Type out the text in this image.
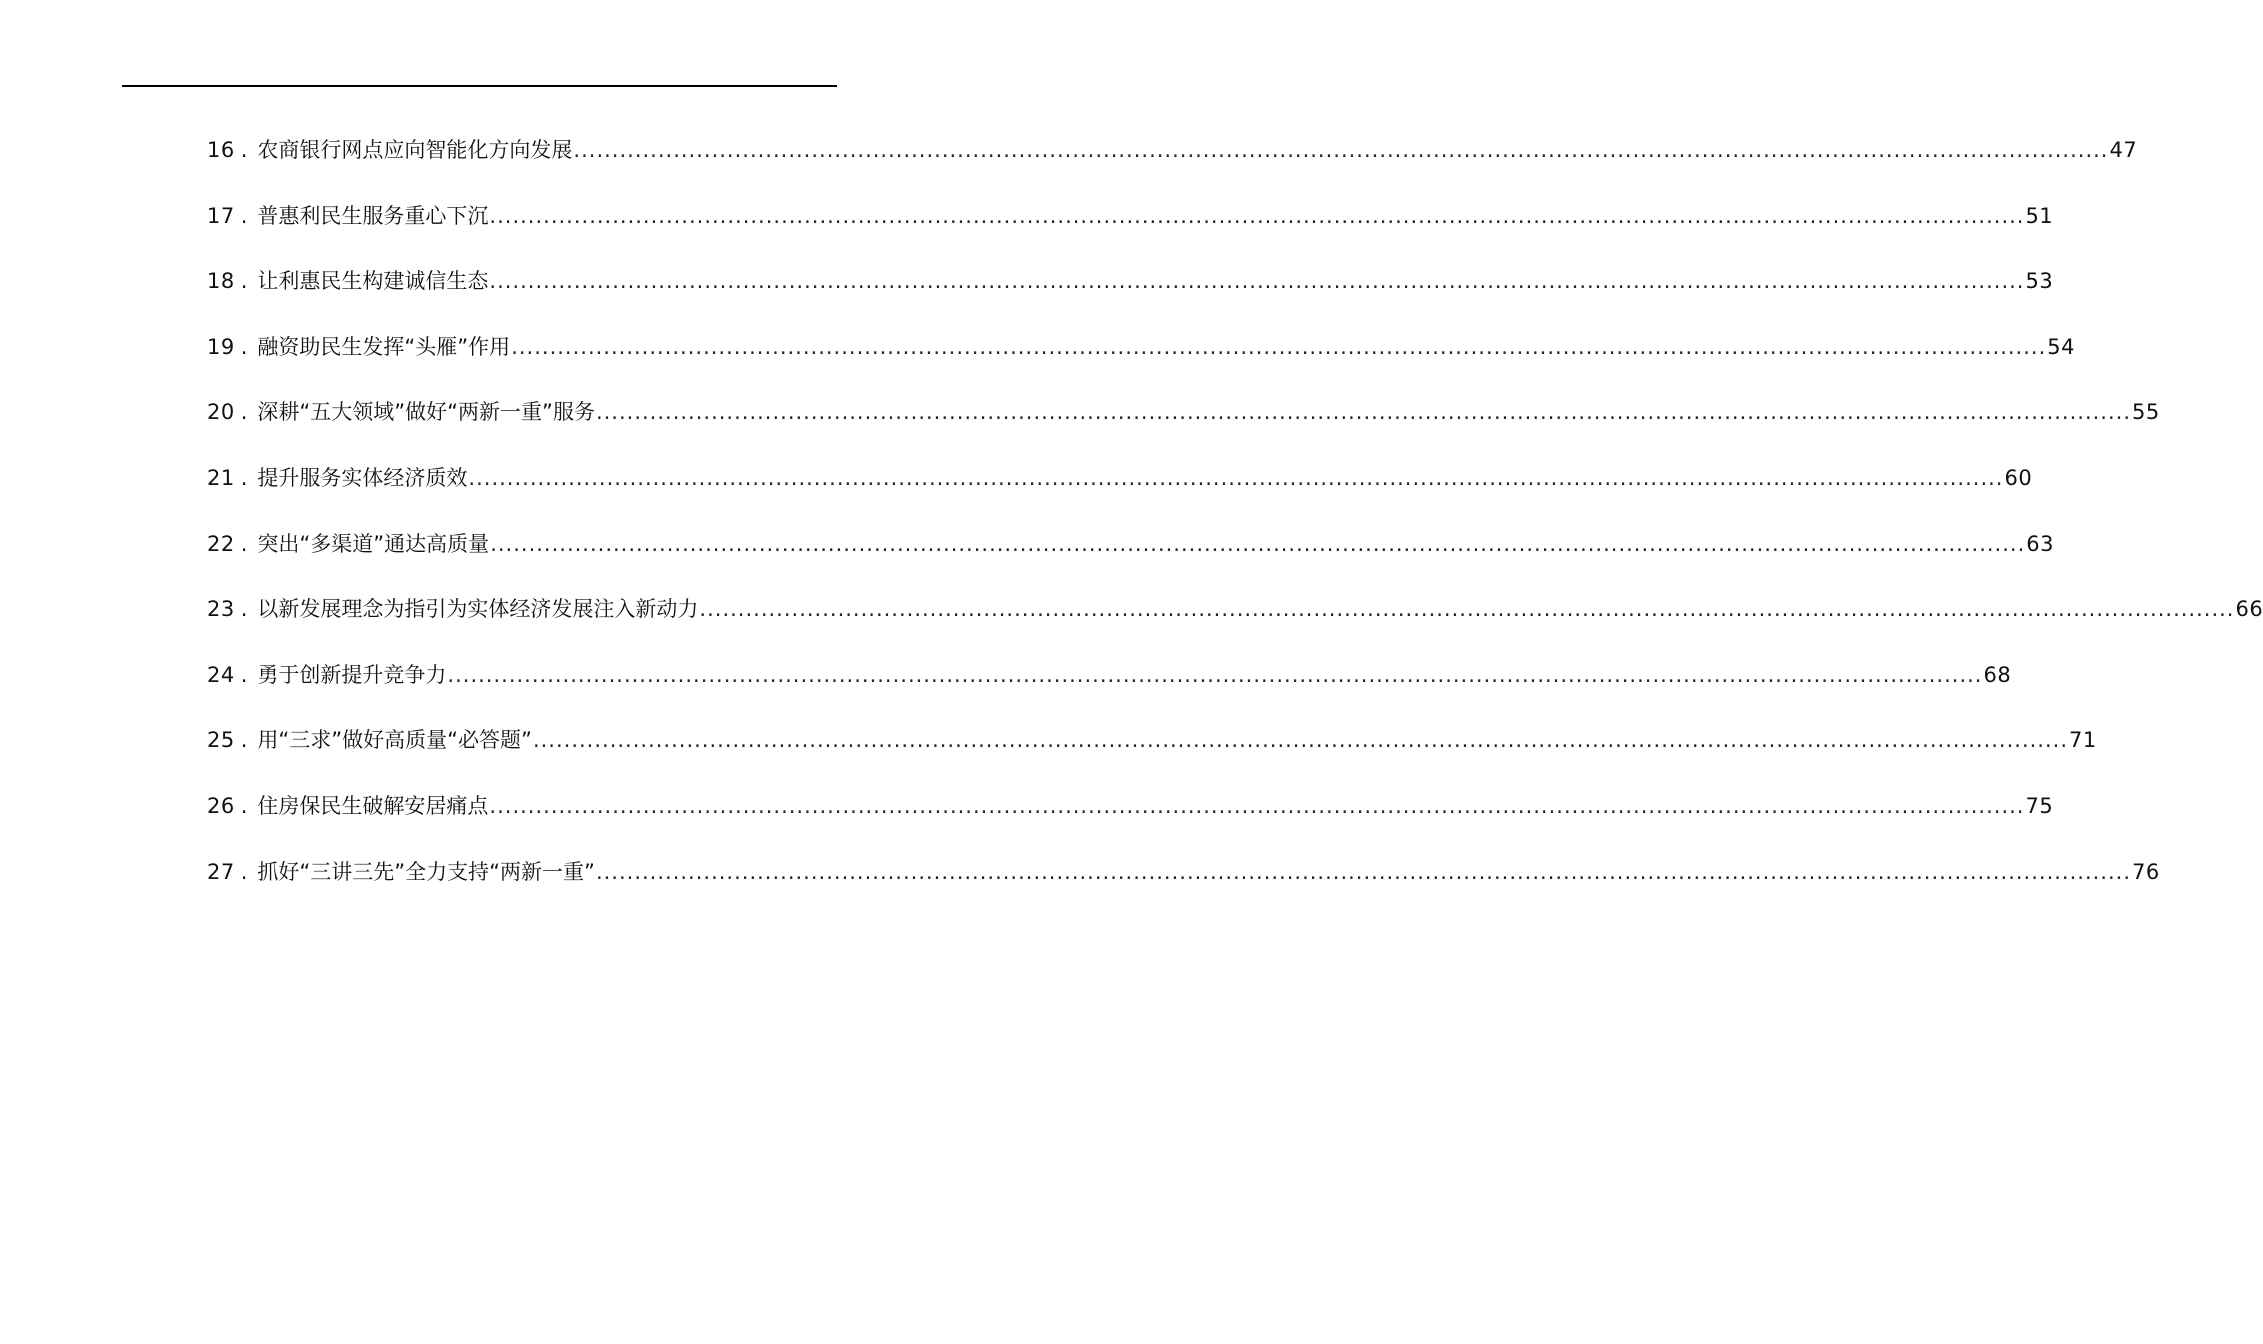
16 . 农商银行网点应向智能化方向发展 ........................................................................................................................................................................................................ 47
17 . 普惠利民生服务重心下沉 ........................................................................................................................................................................................................ 51
18 . 让利惠民生构建诚信生态 ........................................................................................................................................................................................................ 53
19 . 融资助民生发挥“头雁”作用 ........................................................................................................................................................................................................ 54
20 . 深耕“五大领域”做好“两新一重”服务 ........................................................................................................................................................................................................ 55
21 . 提升服务实体经济质效 ........................................................................................................................................................................................................ 60
22 . 突出“多渠道”通达高质量 ........................................................................................................................................................................................................ 63
23 . 以新发展理念为指引为实体经济发展注入新动力 ........................................................................................................................................................................................................ 66
24 . 勇于创新提升竞争力 ........................................................................................................................................................................................................ 68
25 . 用“三求”做好高质量“必答题” ........................................................................................................................................................................................................ 71
26 . 住房保民生破解安居痛点 ........................................................................................................................................................................................................ 75
27 . 抓好“三讲三先”全力支持“两新一重” ........................................................................................................................................................................................................ 76
